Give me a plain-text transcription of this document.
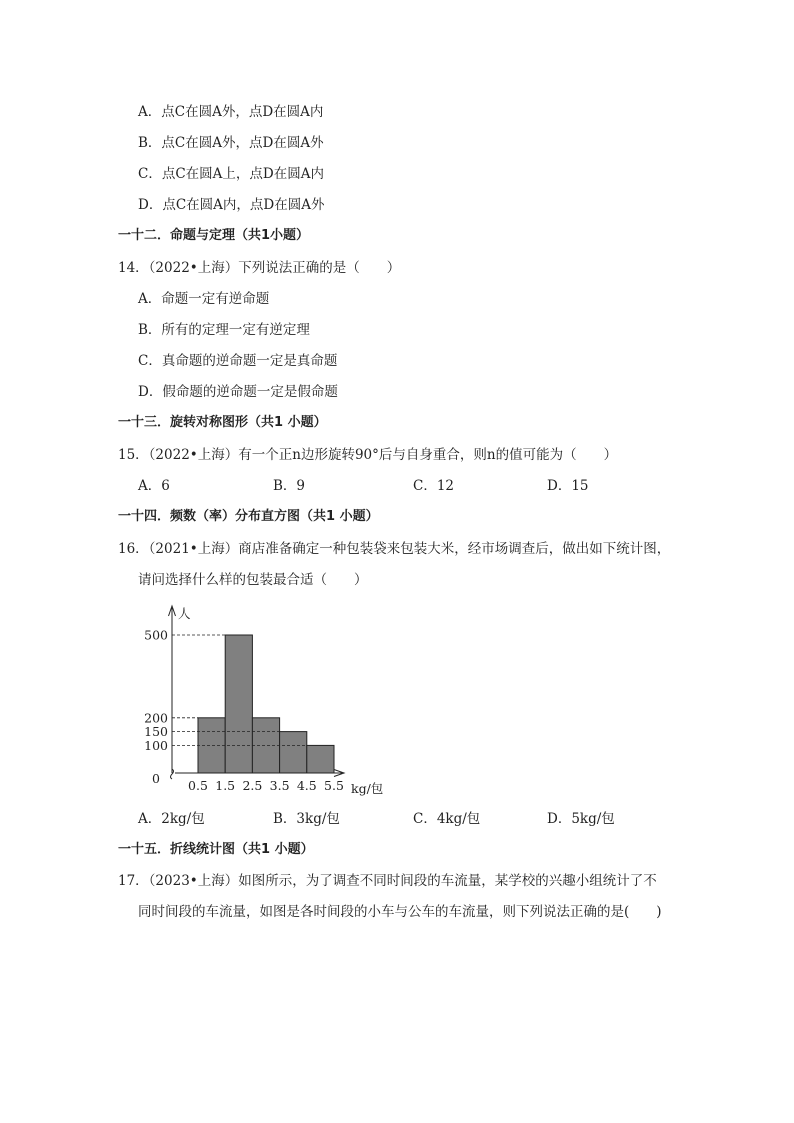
A．点C在圆A外，点D在圆A内
B．点C在圆A外，点D在圆A外
C．点C在圆A上，点D在圆A内
D．点C在圆A内，点D在圆A外
一十二．命题与定理（共1小题）
14．（2022•上海）下列说法正确的是（　　）
A．命题一定有逆命题
B．所有的定理一定有逆定理
C．真命题的逆命题一定是真命题
D．假命题的逆命题一定是假命题
一十三．旋转对称图形（共1 小题）
15．（2022•上海）有一个正n边形旋转90°后与自身重合，则n的值可能为（　　）
A．6	B．9	C．12	D．15
一十四．频数（率）分布直方图（共1 小题）
16．（2021•上海）商店准备确定一种包装袋来包装大米，经市场调查后，做出如下统计图，
请问选择什么样的包装最合适（　　）
500
200
150
100
0 0.5 1.5 2.5 3.5 4.5 5.5 kg/包
人
A．2kg/包	B．3kg/包	C．4kg/包	D．5kg/包
一十五．折线统计图（共1 小题）
17．（2023•上海）如图所示，为了调查不同时间段的车流量，某学校的兴趣小组统计了不
同时间段的车流量，如图是各时间段的小车与公车的车流量，则下列说法正确的是(　　)
